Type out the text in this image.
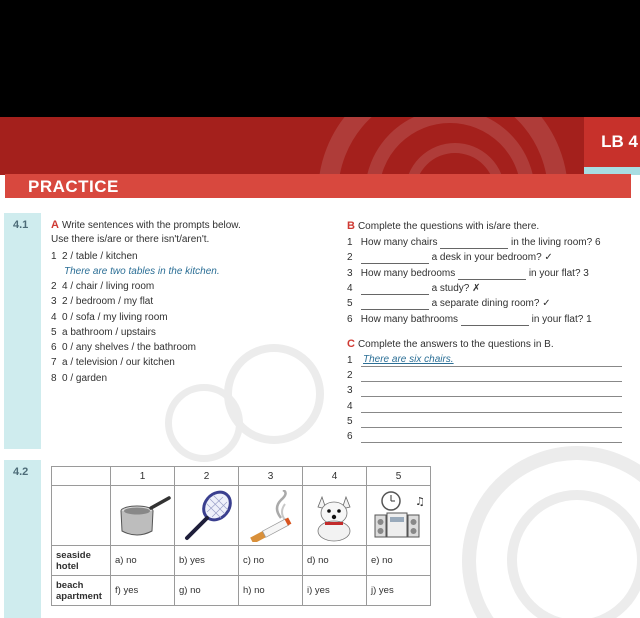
LB 4
PRACTICE
4.1
4.2
A Write sentences with the prompts below.
Use there is/are or there isn't/aren't.
1 2 / table / kitchen
There are two tables in the kitchen.
2 4 / chair / living room
3 2 / bedroom / my flat
4 0 / sofa / my living room
5 a bathroom / upstairs
6 0 / any shelves / the bathroom
7 a / television / our kitchen
8 0 / garden
B Complete the questions with is/are there.
1 How many chairs	in the living room? 6
2	a desk in your bedroom? ✓
3 How many bedrooms	in your flat? 3
4	a study? ✗
5	a separate dining room? ✓
6 How many bathrooms	in your flat? 1
C Complete the answers to the questions in B.
1 There are six chairs.
2
3
4
5
6
	1	2	3	4	5

♫

seaside
hotel	a) no	b) yes	c) no	d) no	e) no
beach
apartment	f) yes	g) no	h) no	i) yes	j) yes
